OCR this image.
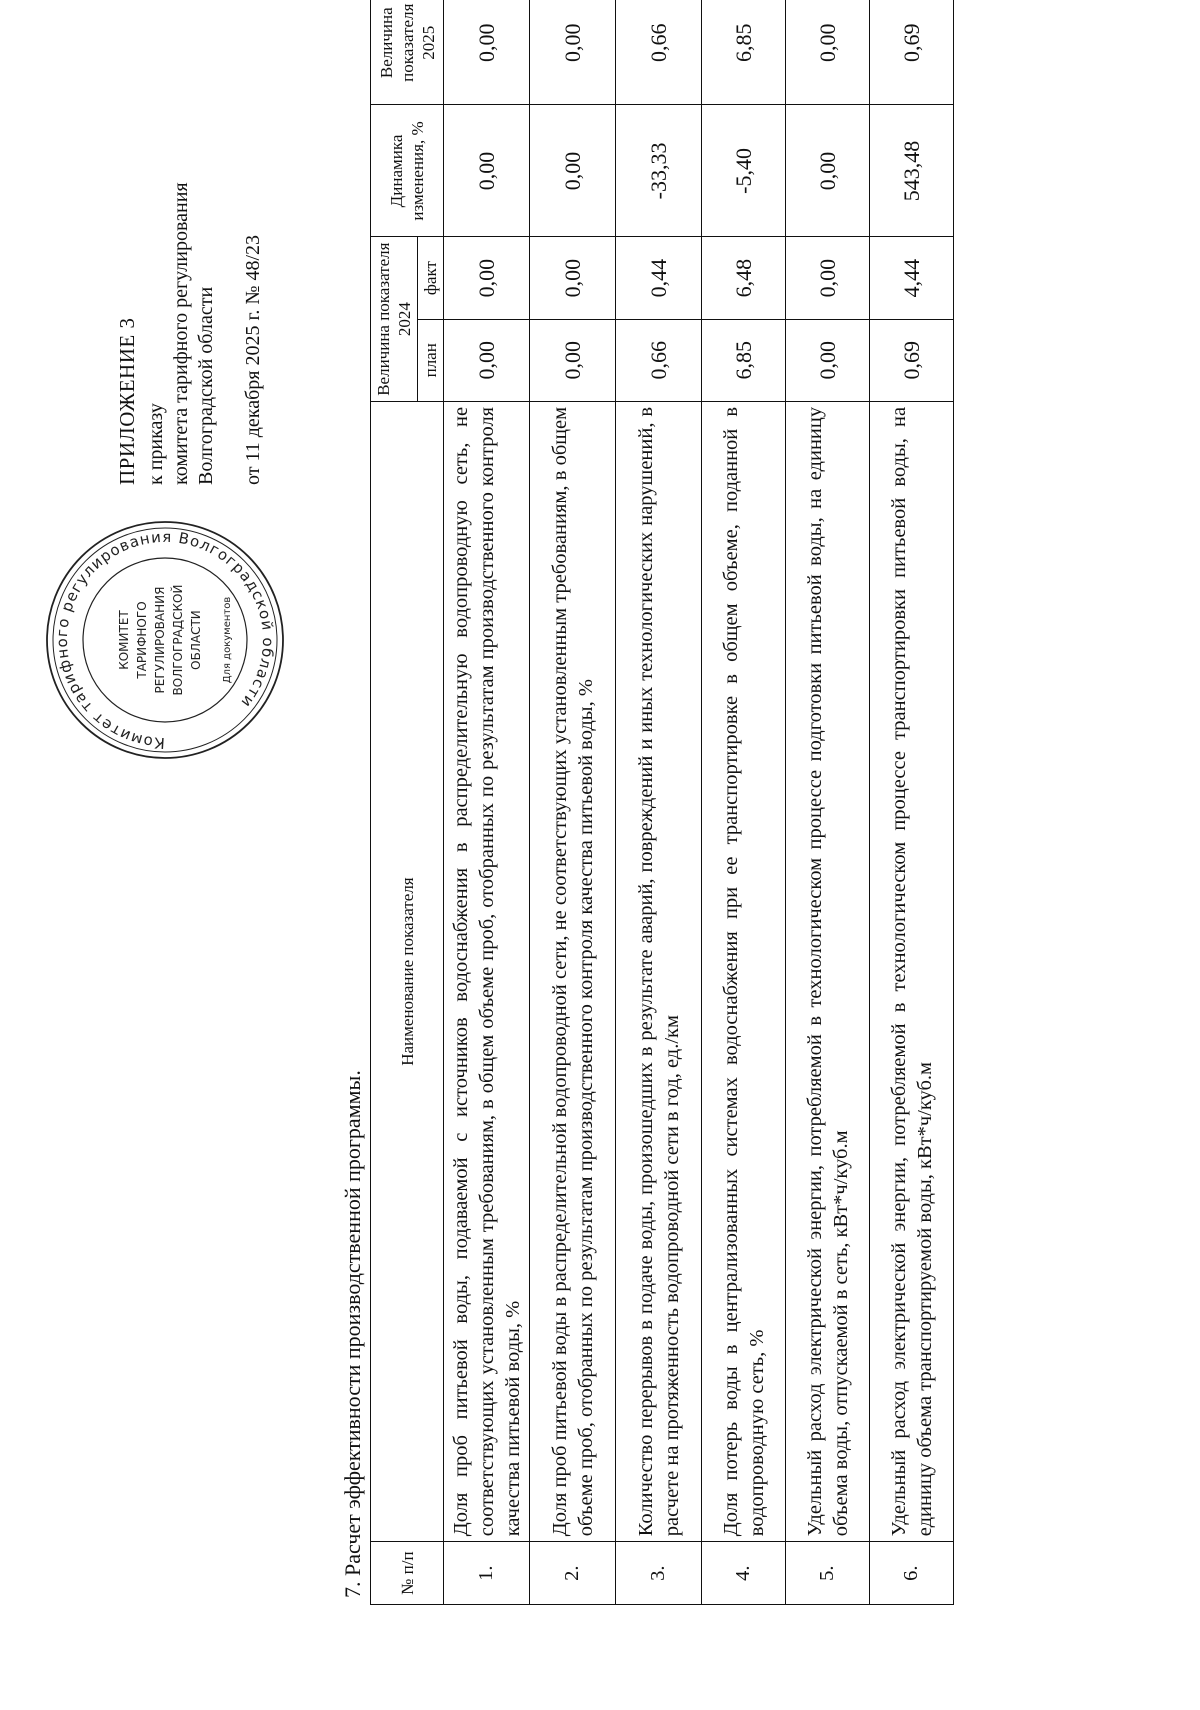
Комитет тарифного регулирования Волгоградской области
КОМИТЕТ ТАРИФНОГО РЕГУЛИРОВАНИЯ ВОЛГОГРАДСКОЙ ОБЛАСТИ Для документов
ПРИЛОЖЕНИЕ 3 к приказу комитета тарифного регулирования Волгоградской области от 11 декабря 2025 г. № 48/23
7. Расчет эффективности производственной программы. № п/п	Наименование показателя	Величина показателя 2024		Динамика изменения, %	Величина показателя 2025
		план	факт		
1.	Доля проб питьевой воды, подаваемой с источников водоснабжения в распределительную водопроводную сеть, не соответствующих установленным требованиям, в общем объеме проб, отобранных по результатам производственного контроля качества питьевой воды, %	0,00	0,00	0,00	0,00
2.	Доля проб питьевой воды в распределительной водопроводной сети, не соответствующих установленным требованиям, в общем объеме проб, отобранных по результатам производственного контроля качества питьевой воды, %	0,00	0,00	0,00	0,00
3.	Количество перерывов в подаче воды, произошедших в результате аварий, повреждений и иных технологических нарушений, в расчете на протяженность водопроводной сети в год, ед./км	0,66	0,44	-33,33	0,66
4.	Доля потерь воды в централизованных системах водоснабжения при ее транспортировке в общем объеме, поданной в водопроводную сеть, %	6,85	6,48	-5,40	6,85
5.	Удельный расход электрической энергии, потребляемой в технологическом процессе подготовки питьевой воды, на единицу объема воды, отпускаемой в сеть, кВт*ч/куб.м	0,00	0,00	0,00	0,00
6.	Удельный расход электрической энергии, потребляемой в технологическом процессе транспортировки питьевой воды, на единицу объема транспортируемой воды, кВт*ч/куб.м	0,69	4,44	543,48	0,69
